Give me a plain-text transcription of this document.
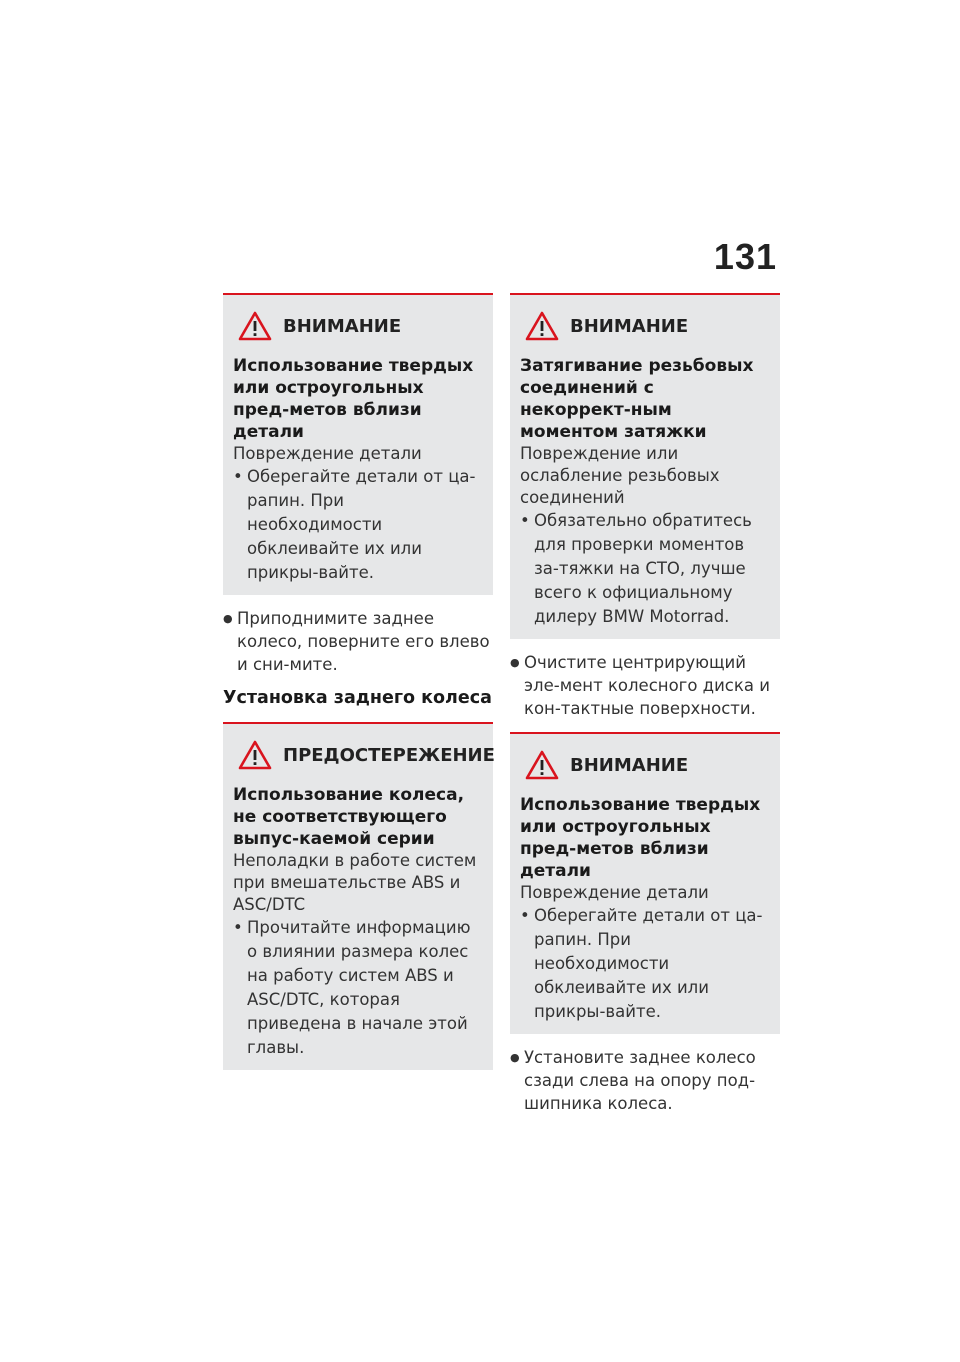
131
ВНИМАНИЕ
Использование твердых или остроугольных пред-метов вблизи детали
Повреждение детали
• Оберегайте детали от ца-рапин. При необходимости обклеивайте их или прикры-вайте.
● Приподнимите заднее колесо, поверните его влево и сни-мите.
Установка заднего колеса
ПРЕДОСТЕРЕЖЕНИЕ
Использование колеса, не соответствующего выпус-каемой серии
Неполадки в работе систем при вмешательстве ABS и ASC/DTC
• Прочитайте информацию о влиянии размера колес на работу систем ABS и ASC/DTC, которая приведена в начале этой главы.
ВНИМАНИЕ
Затягивание резьбовых соединений с некоррект-ным моментом затяжки
Повреждение или ослабление резьбовых соединений
• Обязательно обратитесь для проверки моментов за-тяжки на СТО, лучше всего к официальному дилеру BMW Motorrad.
● Очистите центрирующий эле-мент колесного диска и кон-тактные поверхности.
ВНИМАНИЕ
Использование твердых или остроугольных пред-метов вблизи детали
Повреждение детали
• Оберегайте детали от ца-рапин. При необходимости обклеивайте их или прикры-вайте.
● Установите заднее колесо сзади слева на опору под-шипника колеса.
